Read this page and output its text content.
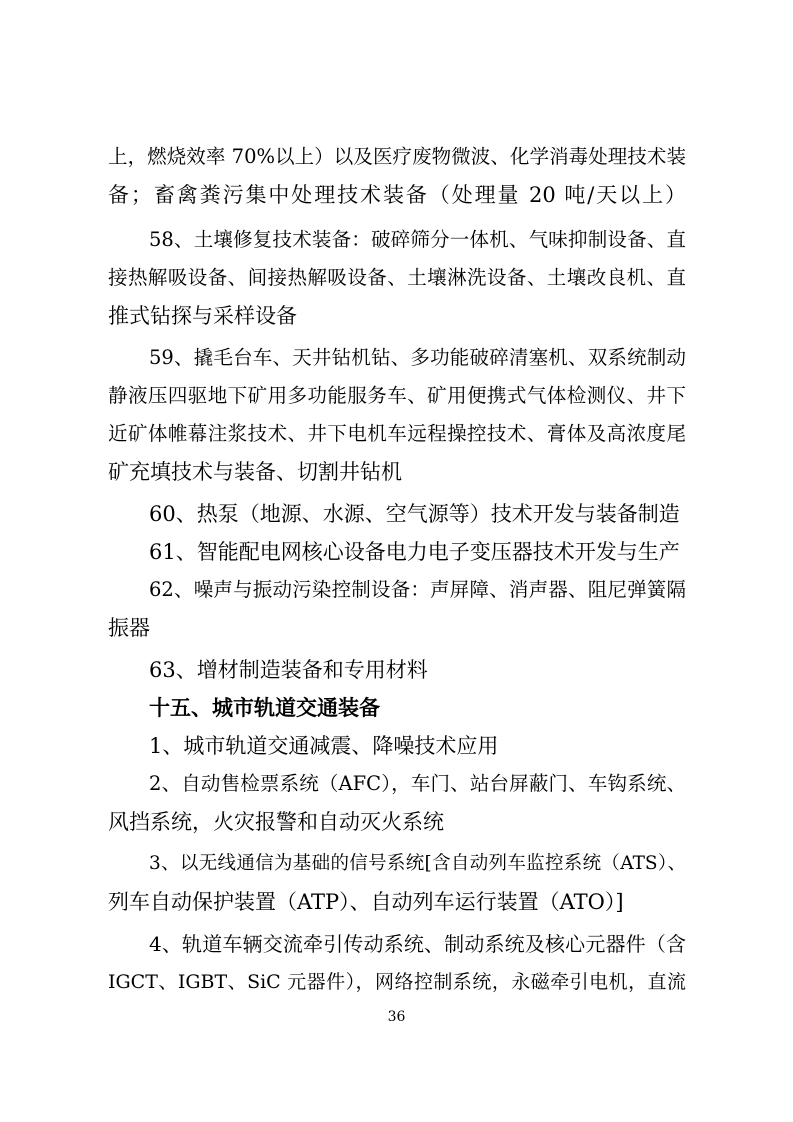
上，燃烧效率 70%以上）以及医疗废物微波、化学消毒处理技术装
备；畜禽粪污集中处理技术装备（处理量 20 吨/天以上）
58、土壤修复技术装备：破碎筛分一体机、气味抑制设备、直
接热解吸设备、间接热解吸设备、土壤淋洗设备、土壤改良机、直
推式钻探与采样设备
59、撬毛台车、天井钻机钻、多功能破碎清塞机、双系统制动
静液压四驱地下矿用多功能服务车、矿用便携式气体检测仪、井下
近矿体帷幕注浆技术、井下电机车远程操控技术、膏体及高浓度尾
矿充填技术与装备、切割井钻机
60、热泵（地源、水源、空气源等）技术开发与装备制造
61、智能配电网核心设备电力电子变压器技术开发与生产
62、噪声与振动污染控制设备：声屏障、消声器、阻尼弹簧隔
振器
63、增材制造装备和专用材料
十五、城市轨道交通装备
1、城市轨道交通减震、降噪技术应用
2、自动售检票系统（AFC），车门、站台屏蔽门、车钩系统、
风挡系统，火灾报警和自动灭火系统
3、以无线通信为基础的信号系统[含自动列车监控系统（ATS）、
列车自动保护装置（ATP）、自动列车运行装置（ATO）]
4、轨道车辆交流牵引传动系统、制动系统及核心元器件（含
IGCT、IGBT、SiC 元器件），网络控制系统，永磁牵引电机，直流
36
